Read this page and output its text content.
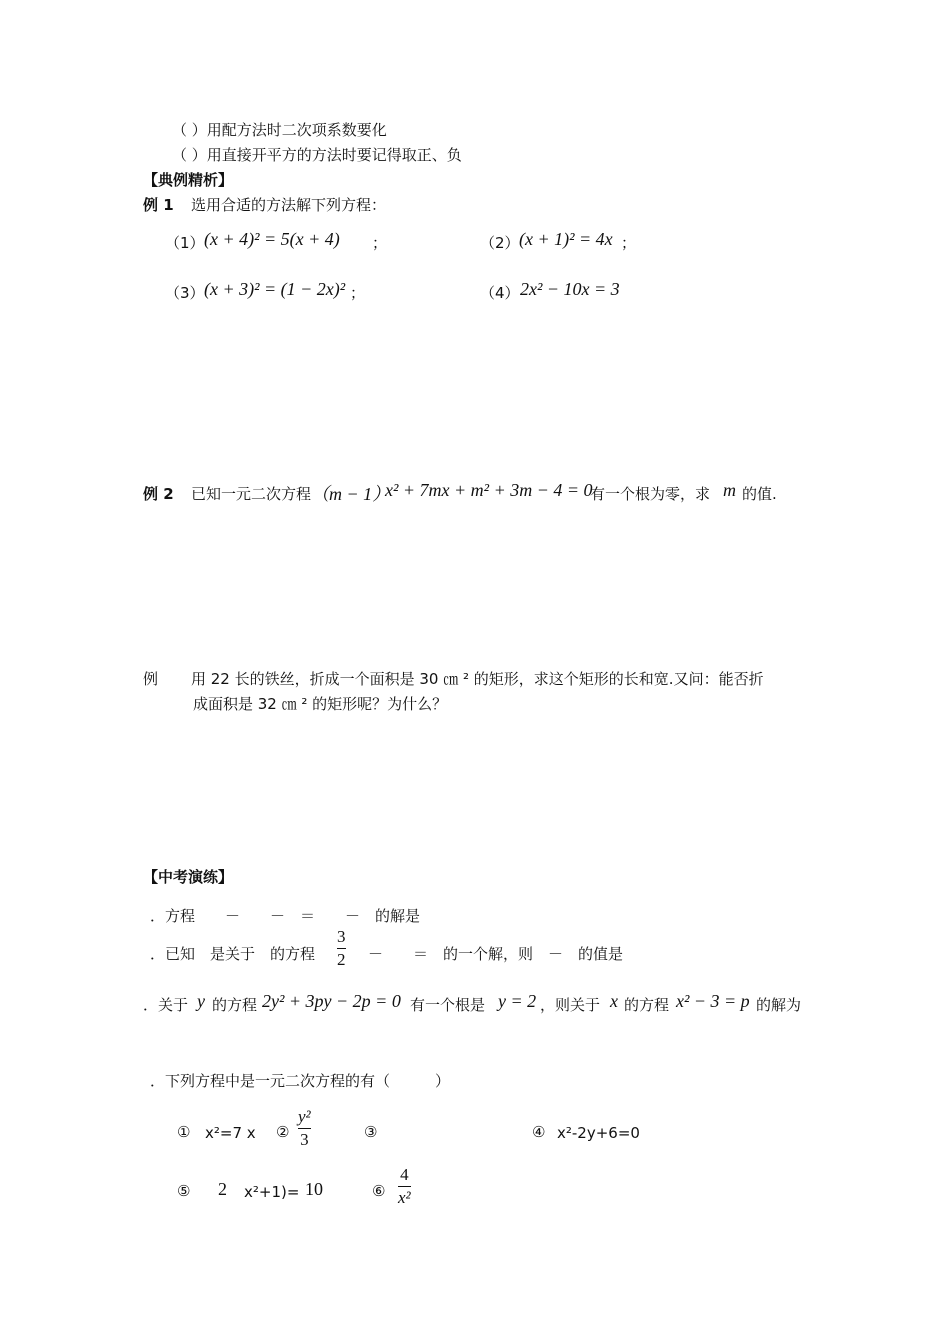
（ ）用配方法时二次项系数要化
（ ）用直接开平方的方法时要记得取正、负
【典例精析】
例 1 选用合适的方法解下列方程：
（1） (x + 4)² = 5(x + 4) ；	（2） (x + 1)² = 4x ；
（3） (x + 3)² = (1 − 2x)² ；	（4） 2x² − 10x = 3
例 2 已知一元二次方程 （m − 1）
x² + 7mx + m² + 3m − 4 = 0
有一个根为零，求 m 的值.
例 用 22 长的铁丝，折成一个面积是 30 ㎝ ² 的矩形，求这个矩形的长和宽.又问：能否折
成面积是 32 ㎝ ² 的矩形呢？为什么？
【中考演练】
．方程　　－　　－　＝　　－　的解是
．已知　是关于　的方程
3
2 －　　＝　的一个解，则　－　的值是
．关于 y 的方程 2y² + 3py − 2p = 0 有一个根是 y = 2 ，则关于 x 的方程 x² − 3 = p 的解为
．下列方程中是一元二次方程的有（　　　）
① x²=7 x ②
y²
3	③	④ x²-2y+6=0
⑤ 2 x²+1)= 10	⑥
4
x²
